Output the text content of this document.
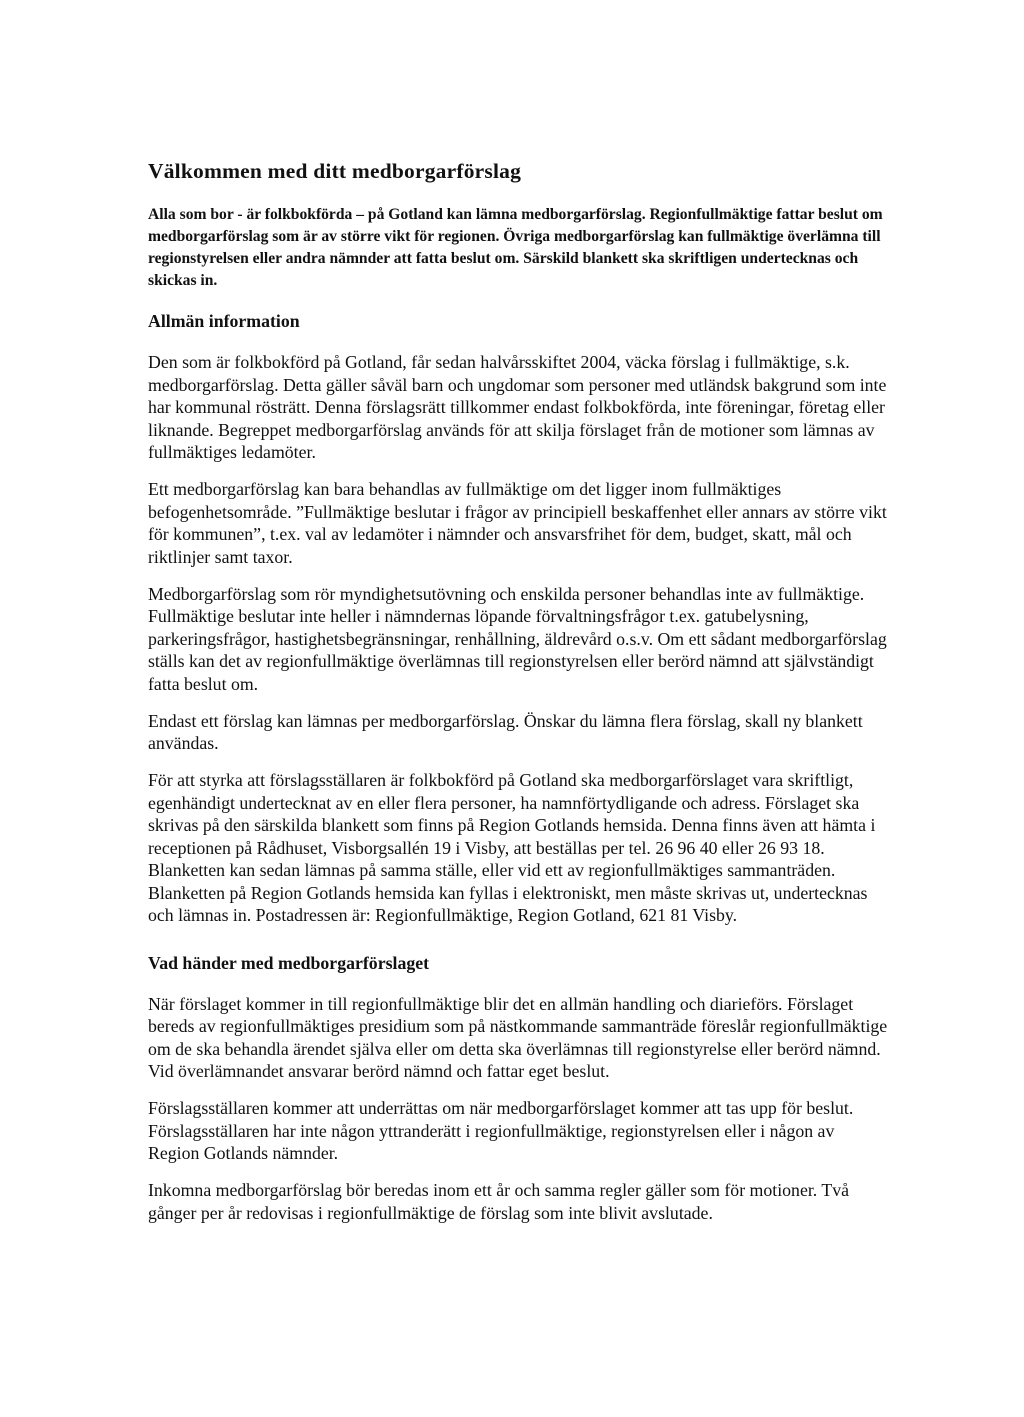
Välkommen med ditt medborgarförslag

Alla som bor - är folkbokförda – på Gotland kan lämna medborgarförslag. Regionfullmäktige fattar beslut om medborgarförslag som är av större vikt för regionen. Övriga medborgarförslag kan fullmäktige överlämna till regionstyrelsen eller andra nämnder att fatta beslut om. Särskild blankett ska skriftligen undertecknas och skickas in.

Allmän information

Den som är folkbokförd på Gotland, får sedan halvårsskiftet 2004, väcka förslag i fullmäktige, s.k. medborgarförslag. Detta gäller såväl barn och ungdomar som personer med utländsk bakgrund som inte har kommunal rösträtt. Denna förslagsrätt tillkommer endast folkbokförda, inte föreningar, företag eller liknande. Begreppet medborgarförslag används för att skilja förslaget från de motioner som lämnas av fullmäktiges ledamöter.

Ett medborgarförslag kan bara behandlas av fullmäktige om det ligger inom fullmäktiges befogenhetsområde. ”Fullmäktige beslutar i frågor av principiell beskaffenhet eller annars av större vikt för kommunen”, t.ex. val av ledamöter i nämnder och ansvarsfrihet för dem, budget, skatt, mål och riktlinjer samt taxor.

Medborgarförslag som rör myndighetsutövning och enskilda personer behandlas inte av fullmäktige. Fullmäktige beslutar inte heller i nämndernas löpande förvaltningsfrågor t.ex. gatubelysning, parkeringsfrågor, hastighetsbegränsningar, renhållning, äldrevård o.s.v. Om ett sådant medborgarförslag ställs kan det av regionfullmäktige överlämnas till regionstyrelsen eller berörd nämnd att självständigt fatta beslut om.

Endast ett förslag kan lämnas per medborgarförslag. Önskar du lämna flera förslag, skall ny blankett användas.

För att styrka att förslagsställaren är folkbokförd på Gotland ska medborgarförslaget vara skriftligt, egenhändigt undertecknat av en eller flera personer, ha namnförtydligande och adress. Förslaget ska skrivas på den särskilda blankett som finns på Region Gotlands hemsida. Denna finns även att hämta i receptionen på Rådhuset, Visborgsallén 19 i Visby, att beställas per tel. 26 96 40 eller 26 93 18. Blanketten kan sedan lämnas på samma ställe, eller vid ett av regionfullmäktiges sammanträden. Blanketten på Region Gotlands hemsida kan fyllas i elektroniskt, men måste skrivas ut, undertecknas och lämnas in. Postadressen är: Regionfullmäktige, Region Gotland, 621 81 Visby.

Vad händer med medborgarförslaget

När förslaget kommer in till regionfullmäktige blir det en allmän handling och diarieförs. Förslaget bereds av regionfullmäktiges presidium som på nästkommande sammanträde föreslår regionfullmäktige om de ska behandla ärendet själva eller om detta ska överlämnas till regionstyrelse eller berörd nämnd. Vid överlämnandet ansvarar berörd nämnd och fattar eget beslut.

Förslagsställaren kommer att underrättas om när medborgarförslaget kommer att tas upp för beslut. Förslagsställaren har inte någon yttranderätt i regionfullmäktige, regionstyrelsen eller i någon av Region Gotlands nämnder.

Inkomna medborgarförslag bör beredas inom ett år och samma regler gäller som för motioner. Två gånger per år redovisas i regionfullmäktige de förslag som inte blivit avslutade.
